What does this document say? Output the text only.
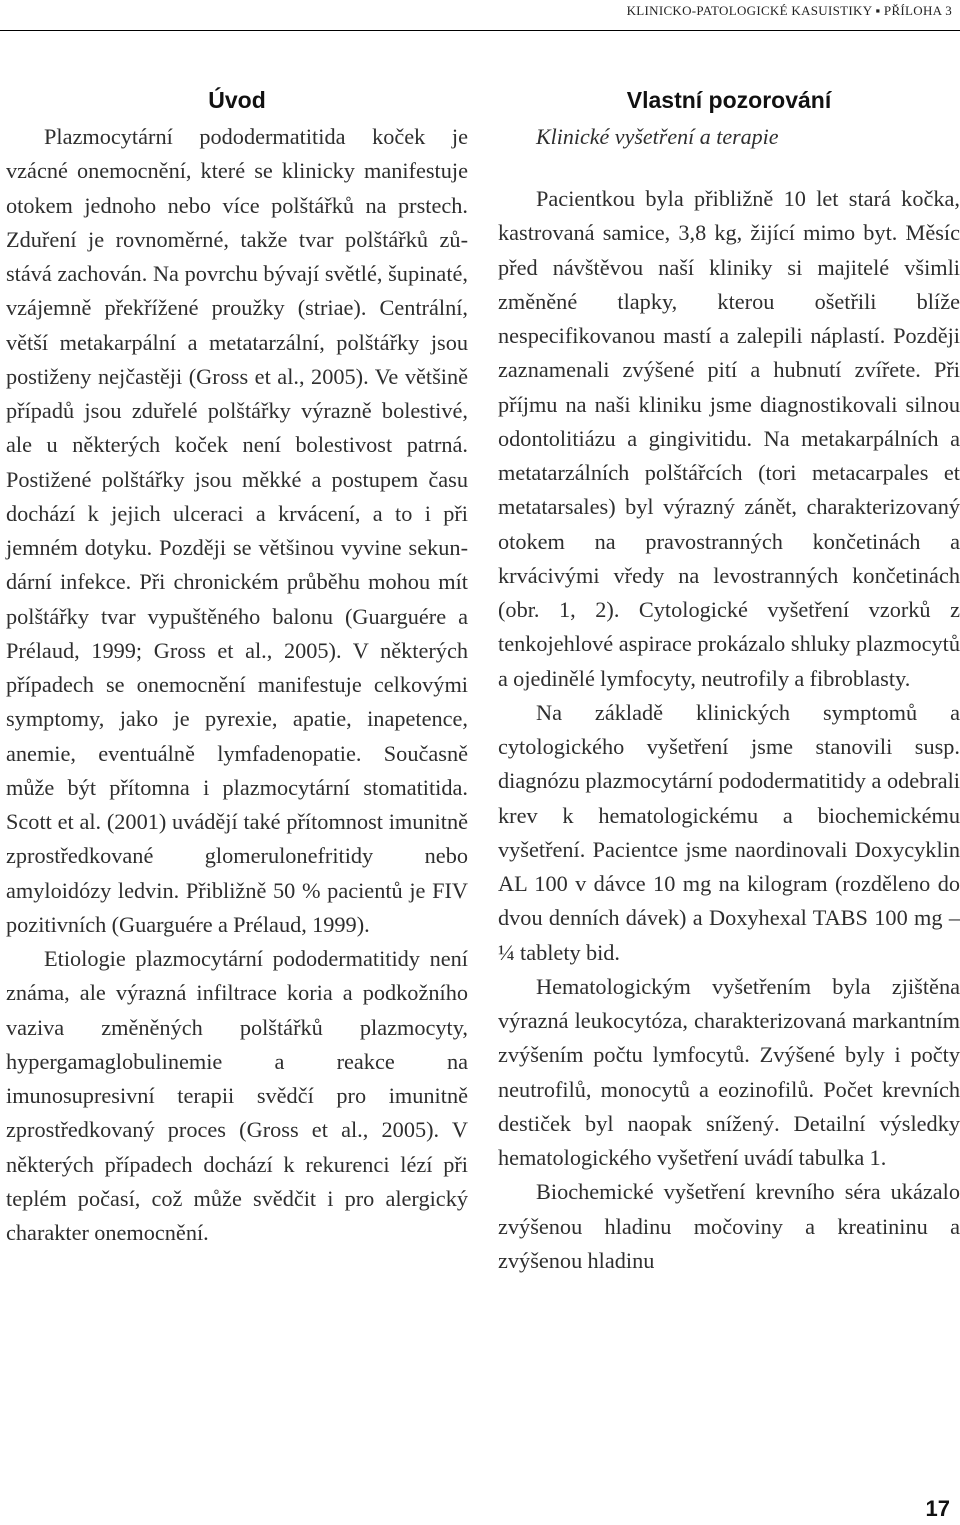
KLINICKO-PATOLOGICKÉ KASUISTIKY ▪ PŘÍLOHA 3
Úvod

Plazmocytární pododermatitida koček je vzácné onemocnění, které se klinicky manifestuje otokem jednoho nebo více polštářků na prstech. Zduření je rovnoměrné, takže tvar polštářků zůstává zachován. Na povrchu bývají světlé, šupinaté, vzájemně překřížené proužky (striae). Centrální, větší metakarpální a metatarzální, polštářky jsou postiženy nejčastěji (Gross et al., 2005). Ve většině případů jsou zduřelé polštářky výrazně bolestivé, ale u některých koček není bolestivost patrná. Postižené polštářky jsou měkké a postupem času dochází k jejich ulceraci a krvácení, a to i při jemném dotyku. Později se většinou vyvine sekundární infekce. Při chronickém průběhu mohou mít polštářky tvar vypuštěného balonu (Guarguére a Prélaud, 1999; Gross et al., 2005). V některých případech se onemocnění manifestuje celkovými symptomy, jako je pyrexie, apatie, inapetence, anemie, eventuálně lymfadenopatie. Současně může být přítomna i plazmocytární stomatitida. Scott et al. (2001) uvádějí také přítomnost imunitně zprostředkované glomerulonefritidy nebo amyloidózy ledvin. Přibližně 50 % pacientů je FIV pozitivních (Guarguére a Prélaud, 1999).

Etiologie plazmocytární pododermatitidy není známa, ale výrazná infiltrace koria a podkožního vaziva změněných polštářků plazmocyty, hypergamaglobulinemie a reakce na imunosupresivní terapii svědčí pro imunitně zprostředkovaný proces (Gross et al., 2005). V některých případech dochází k rekurenci lézí při teplém počasí, což může svědčit i pro alergický charakter onemocnění.

Vlastní pozorování
Klinické vyšetření a terapie

Pacientkou byla přibližně 10 let stará kočka, kastrovaná samice, 3,8 kg, žijící mimo byt. Měsíc před návštěvou naší kliniky si majitelé všimli změněné tlapky, kterou ošetřili blíže nespecifikovanou mastí a zalepili náplastí. Později zaznamenali zvýšené pití a hubnutí zvířete. Při příjmu na naši kliniku jsme diagnostikovali silnou odontolitiázu a gingivitidu. Na metakarpálních a metatarzálních polštářcích (tori metacarpales et metatarsales) byl výrazný zánět, charakterizovaný otokem na pravostranných končetinách a krvácivými vředy na levostranných končetinách (obr. 1, 2). Cytologické vyšetření vzorků z tenkojehlové aspirace prokázalo shluky plazmocytů a ojedinělé lymfocyty, neutrofily a fibroblasty.

Na základě klinických symptomů a cytologického vyšetření jsme stanovili susp. diagnózu plazmocytární pododermatitidy a odebrali krev k hematologickému a biochemickému vyšetření. Pacientce jsme naordinovali Doxycyklin AL 100 v dávce 10 mg na kilogram (rozděleno do dvou denních dávek) a Doxyhexal TABS 100 mg – ¼ tablety bid.

Hematologickým vyšetřením byla zjištěna výrazná leukocytóza, charakterizovaná markantním zvýšením počtu lymfocytů. Zvýšené byly i počty neutrofilů, monocytů a eozinofilů. Počet krevních destiček byl naopak snížený. Detailní výsledky hematologického vyšetření uvádí tabulka 1.

Biochemické vyšetření krevního séra ukázalo zvýšenou hladinu močoviny a kreatininu a zvýšenou hladinu

17
